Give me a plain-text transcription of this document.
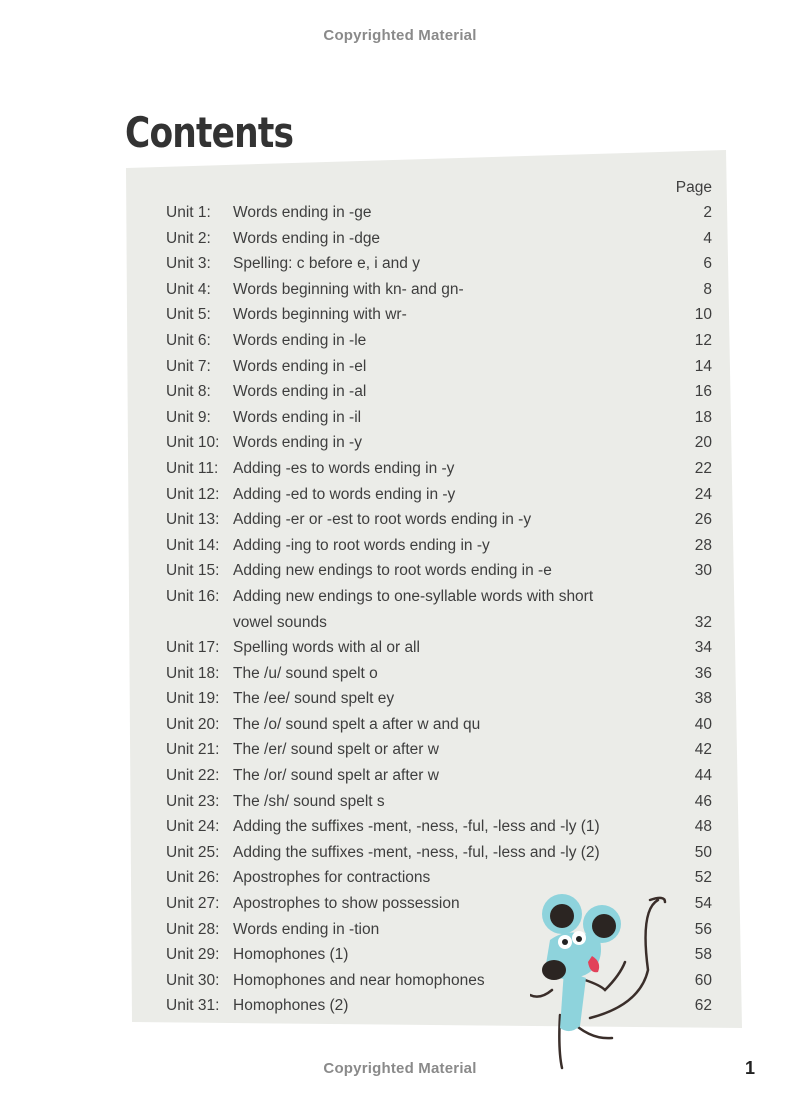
Copyrighted Material
Contents
Page
Unit 1:	Words ending in -ge	2
Unit 2:	Words ending in -dge	4
Unit 3:	Spelling: c before e, i and y	6
Unit 4:	Words beginning with kn- and gn-	8
Unit 5:	Words beginning with wr-	10
Unit 6:	Words ending in -le	12
Unit 7:	Words ending in -el	14
Unit 8:	Words ending in -al	16
Unit 9:	Words ending in -il	18
Unit 10: Words ending in -y	20
Unit 11: Adding -es to words ending in -y	22
Unit 12: Adding -ed to words ending in -y	24
Unit 13: Adding -er or -est to root words ending in -y	26
Unit 14: Adding -ing to root words ending in -y	28
Unit 15: Adding new endings to root words ending in -e	30
Unit 16: Adding new endings to one-syllable words with short vowel sounds	32
Unit 17: Spelling words with al or all	34
Unit 18: The /u/ sound spelt o	36
Unit 19: The /ee/ sound spelt ey	38
Unit 20: The /o/ sound spelt a after w and qu	40
Unit 21: The /er/ sound spelt or after w	42
Unit 22: The /or/ sound spelt ar after w	44
Unit 23: The /sh/ sound spelt s	46
Unit 24: Adding the suffixes -ment, -ness, -ful, -less and -ly (1)	48
Unit 25: Adding the suffixes -ment, -ness, -ful, -less and -ly (2)	50
Unit 26: Apostrophes for contractions	52
Unit 27: Apostrophes to show possession	54
Unit 28: Words ending in -tion	56
Unit 29: Homophones (1)	58
Unit 30: Homophones and near homophones	60
Unit 31: Homophones (2)	62
Copyrighted Material	1
